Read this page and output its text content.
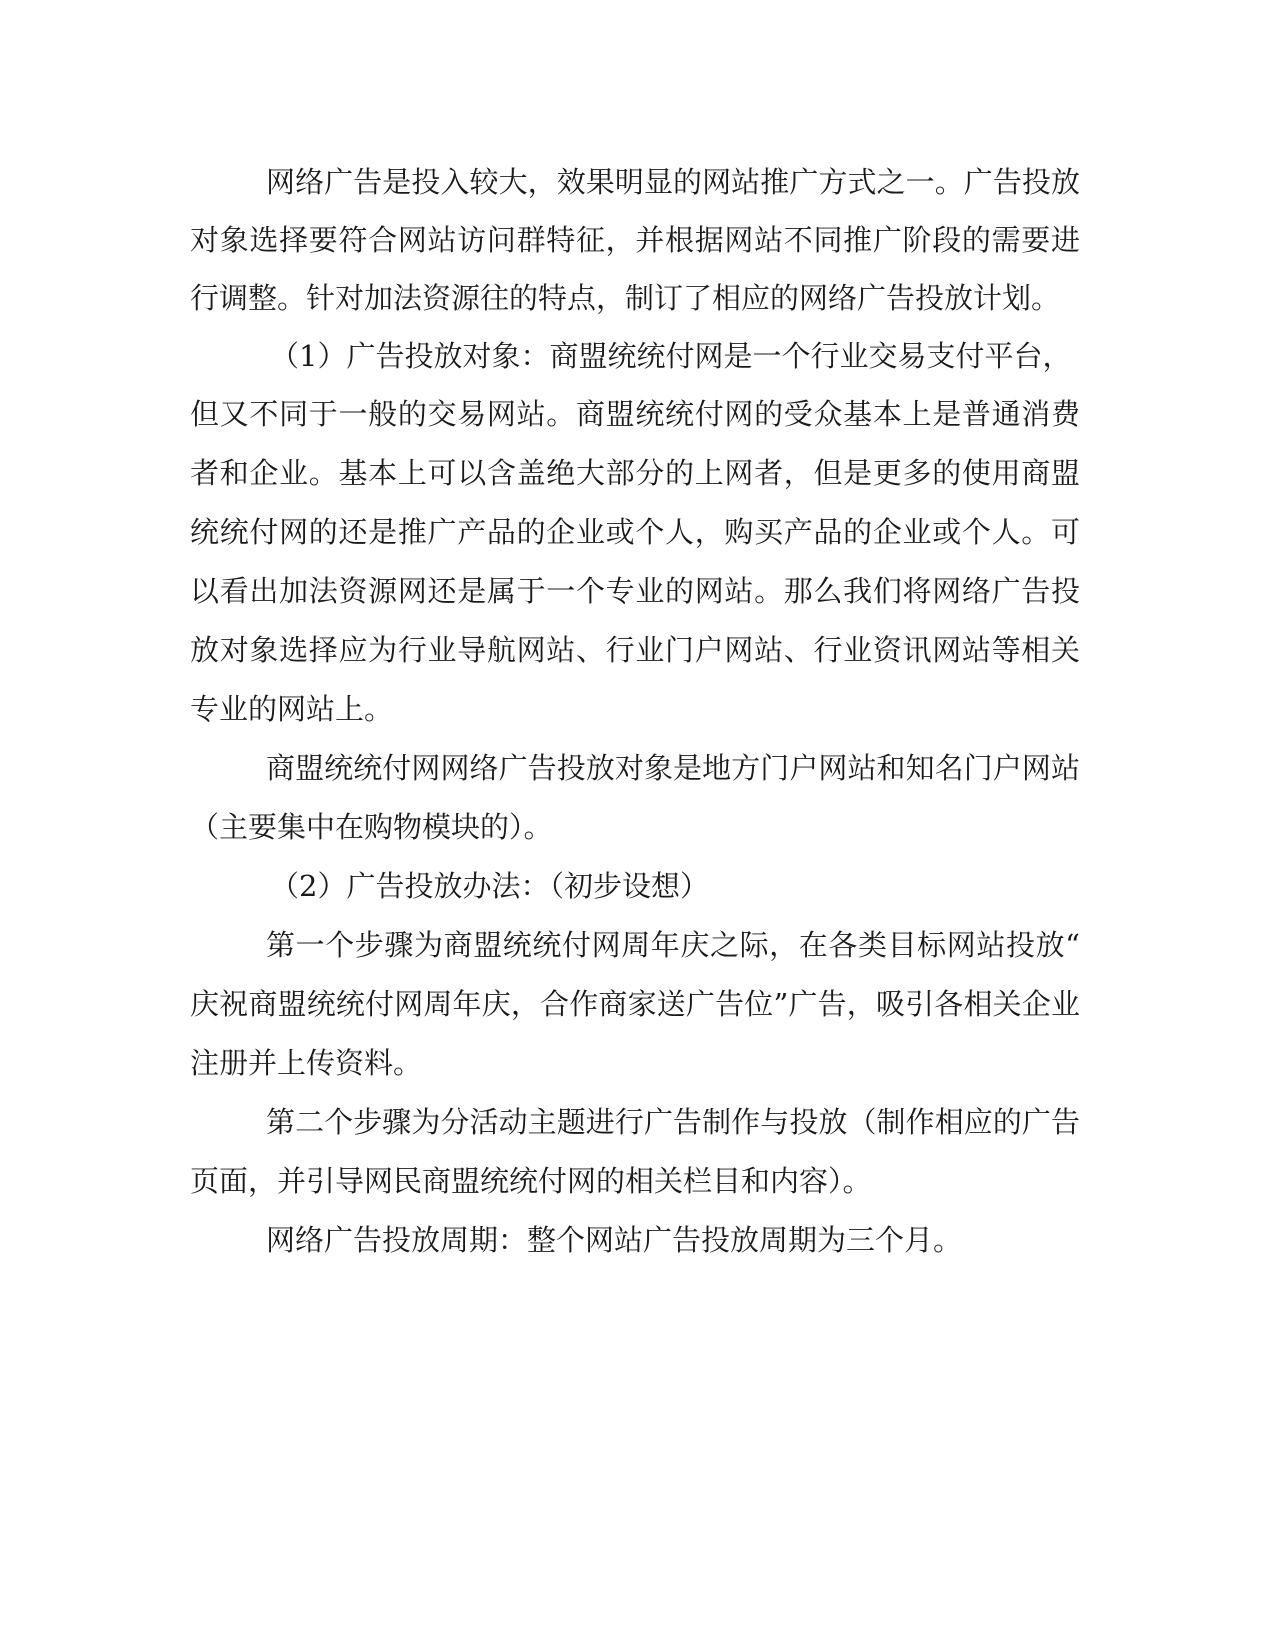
网络广告是投入较大，效果明显的网站推广方式之一。广告投放
对象选择要符合网站访问群特征，并根据网站不同推广阶段的需要进
行调整。针对加法资源往的特点，制订了相应的网络广告投放计划。
（1）广告投放对象：商盟统统付网是一个行业交易支付平台，
但又不同于一般的交易网站。商盟统统付网的受众基本上是普通消费
者和企业。基本上可以含盖绝大部分的上网者，但是更多的使用商盟
统统付网的还是推广产品的企业或个人，购买产品的企业或个人。可
以看出加法资源网还是属于一个专业的网站。那么我们将网络广告投
放对象选择应为行业导航网站、行业门户网站、行业资讯网站等相关
专业的网站上。
商盟统统付网网络广告投放对象是地方门户网站和知名门户网站
（主要集中在购物模块的）。
（2）广告投放办法：（初步设想）
第一个步骤为商盟统统付网周年庆之际，在各类目标网站投放“
庆祝商盟统统付网周年庆，合作商家送广告位”广告，吸引各相关企业
注册并上传资料。
第二个步骤为分活动主题进行广告制作与投放（制作相应的广告
页面，并引导网民商盟统统付网的相关栏目和内容）。
网络广告投放周期：整个网站广告投放周期为三个月。
